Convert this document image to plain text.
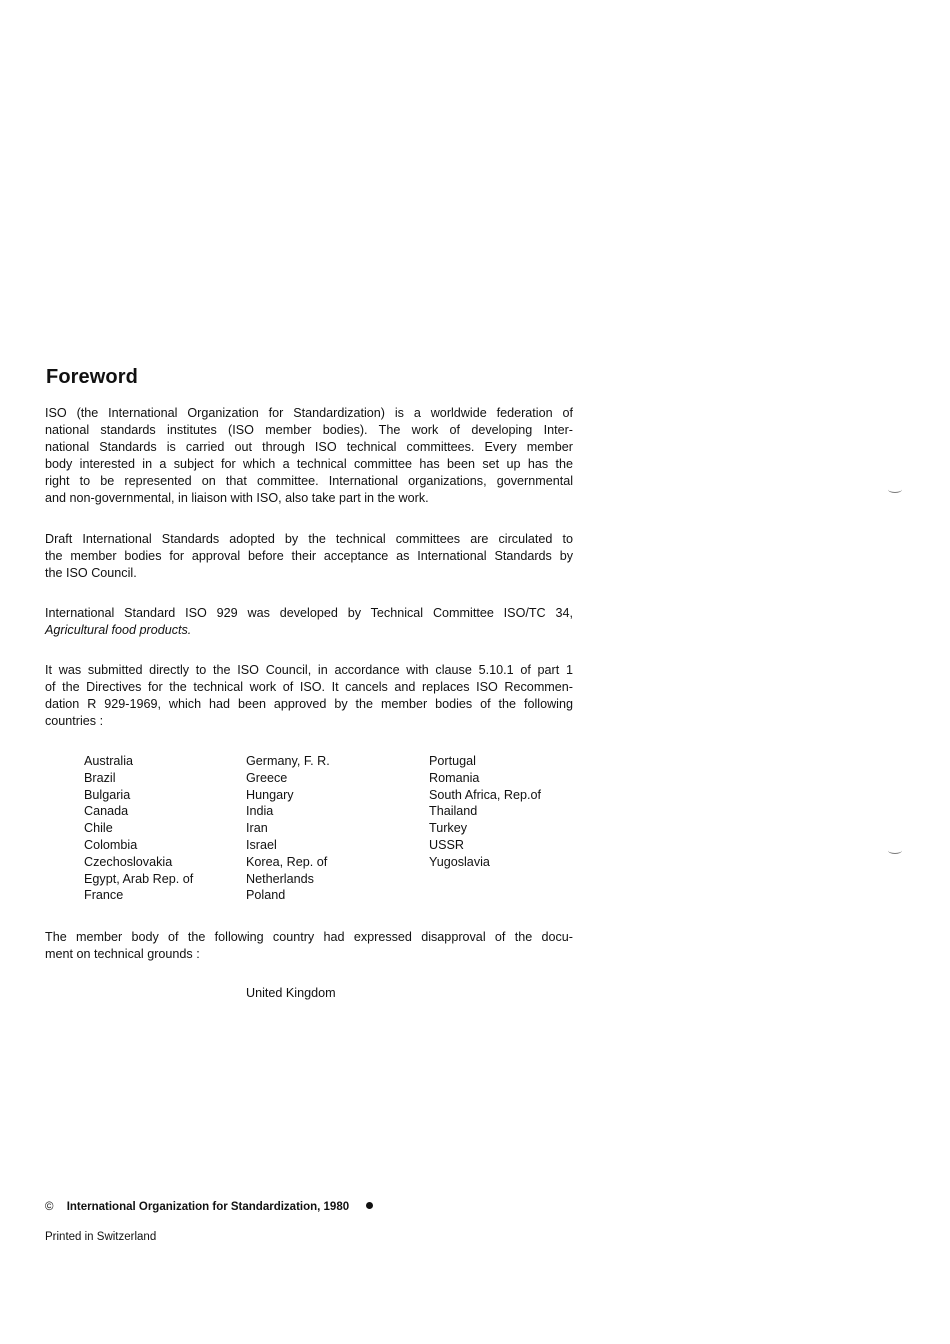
Foreword

ISO (the International Organization for Standardization) is a worldwide federation of
national standards institutes (ISO member bodies). The work of developing Inter-
national Standards is carried out through ISO technical committees. Every member
body interested in a subject for which a technical committee has been set up has the
right to be represented on that committee. International organizations, governmental
and non-governmental, in liaison with ISO, also take part in the work.

Draft International Standards adopted by the technical committees are circulated to
the member bodies for approval before their acceptance as International Standards by
the ISO Council.

International Standard ISO 929 was developed by Technical Committee ISO/TC 34,
Agricultural food products.

It was submitted directly to the ISO Council, in accordance with clause 5.10.1 of part 1
of the Directives for the technical work of ISO. It cancels and replaces ISO Recommen-
dation R 929-1969, which had been approved by the member bodies of the following
countries :

Australia
Brazil
Bulgaria
Canada
Chile
Colombia
Czechoslovakia
Egypt, Arab Rep. of
France
Germany, F. R.
Greece
Hungary
India
Iran
Israel
Korea, Rep. of
Netherlands
Poland
Portugal
Romania
South Africa, Rep.of
Thailand
Turkey
USSR
Yugoslavia

The member body of the following country had expressed disapproval of the docu-
ment on technical grounds :

United Kingdom
© International Organization for Standardization, 1980
Printed in Switzerland
